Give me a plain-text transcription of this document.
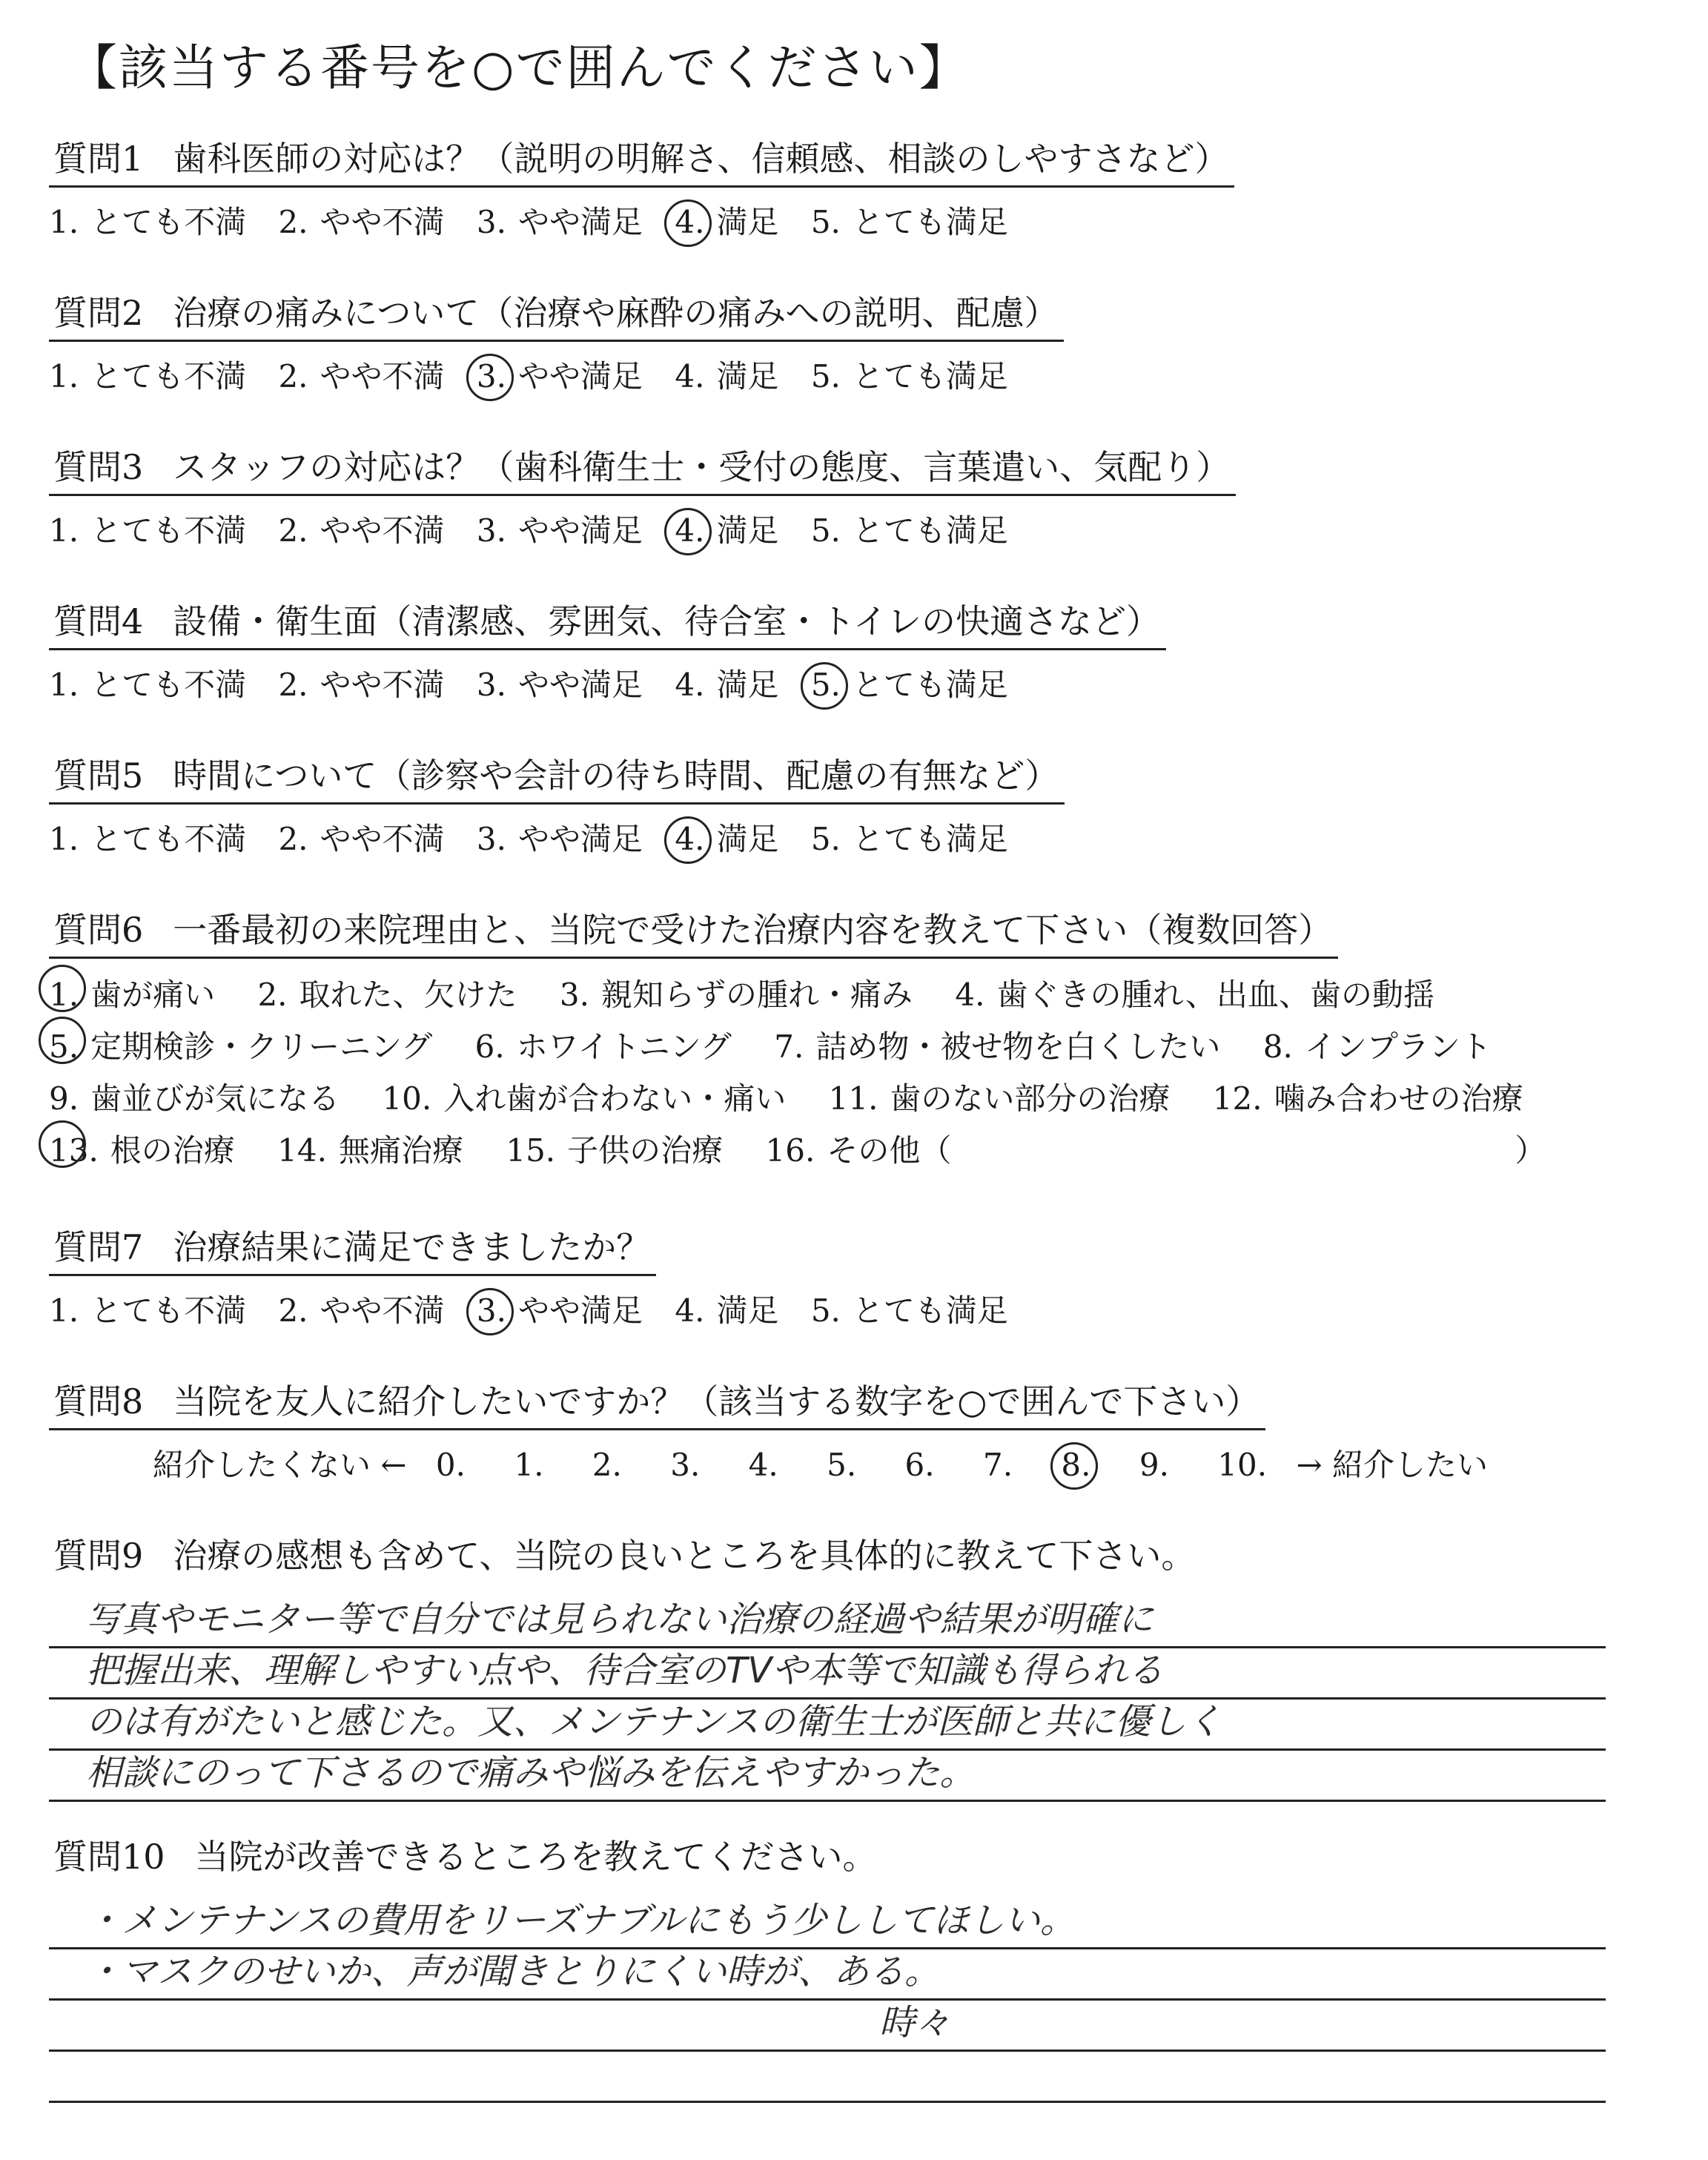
【該当する番号を○で囲んでください】
質問1 歯科医師の対応は？（説明の明解さ、信頼感、相談のしやすさなど）
1. とても不満 2. やや不満 3. やや満足 4. 満足 5. とても満足
質問2 治療の痛みについて（治療や麻酔の痛みへの説明、配慮）
1. とても不満 2. やや不満 3. やや満足 4. 満足 5. とても満足
質問3 スタッフの対応は？（歯科衛生士・受付の態度、言葉遣い、気配り）
1. とても不満 2. やや不満 3. やや満足 4. 満足 5. とても満足
質問4 設備・衛生面（清潔感、雰囲気、待合室・トイレの快適さなど）
1. とても不満 2. やや不満 3. やや満足 4. 満足 5. とても満足
質問5 時間について（診察や会計の待ち時間、配慮の有無など）
1. とても不満 2. やや不満 3. やや満足 4. 満足 5. とても満足
質問6 一番最初の来院理由と、当院で受けた治療内容を教えて下さい（複数回答）
1. 歯が痛い 2. 取れた、欠けた 3. 親知らずの腫れ・痛み 4. 歯ぐきの腫れ、出血、歯の動揺
5. 定期検診・クリーニング 6. ホワイトニング 7. 詰め物・被せ物を白くしたい 8. インプラント
9. 歯並びが気になる 10. 入れ歯が合わない・痛い 11. 歯のない部分の治療 12. 噛み合わせの治療
13. 根の治療 14. 無痛治療 15. 子供の治療 16. その他（	）
質問7 治療結果に満足できましたか？
1. とても不満 2. やや不満 3. やや満足 4. 満足 5. とても満足
質問8 当院を友人に紹介したいですか？（該当する数字を○で囲んで下さい）
紹介したくない ← 0. 1. 2. 3. 4. 5. 6. 7. 8. 9. 10. → 紹介したい
質問9 治療の感想も含めて、当院の良いところを具体的に教えて下さい。
写真やモニター等で自分では見られない治療の経過や結果が明確に
把握出来、理解しやすい点や、待合室のTVや本等で知識も得られる
のは有がたいと感じた。又、メンテナンスの衛生士が医師と共に優しく
相談にのって下さるので痛みや悩みを伝えやすかった。
質問10 当院が改善できるところを教えてください。
・メンテナンスの費用をリーズナブルにもう少ししてほしい。
・マスクのせいか、声が聞きとりにくい時が、ある。
時々
